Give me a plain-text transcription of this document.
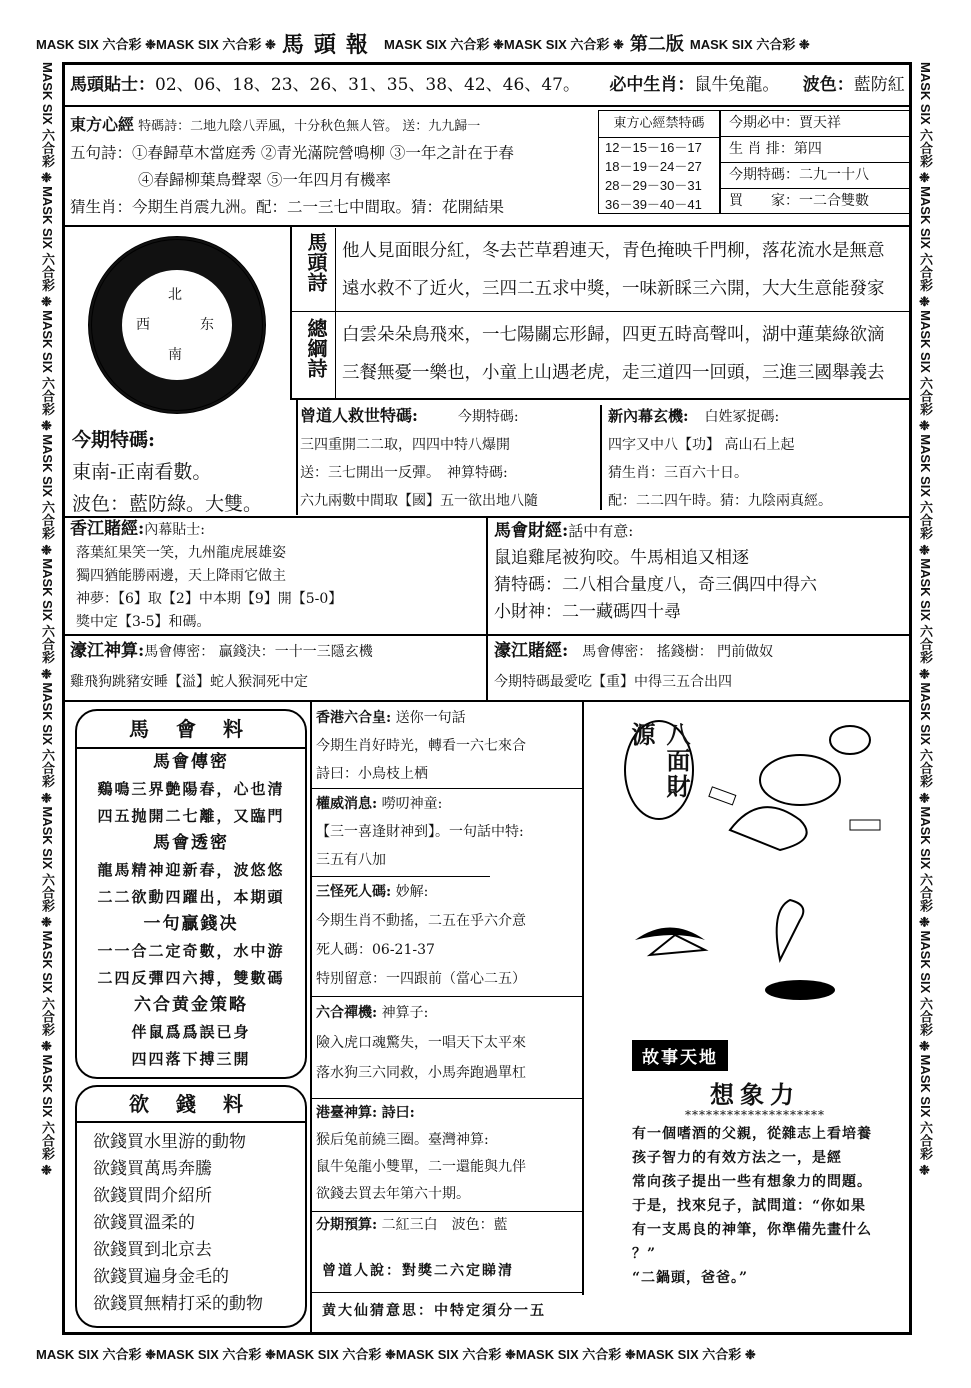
MASK SIX 六合彩 ❉MASK SIX 六合彩 ❉ 馬頭報 MASK SIX 六合彩 ❉MASK SIX 六合彩 ❉ 第二版 MASK SIX 六合彩 ❉
MASK SIX 六合彩 ❉MASK SIX 六合彩 ❉MASK SIX 六合彩 ❉MASK SIX 六合彩 ❉MASK SIX 六合彩 ❉MASK SIX 六合彩 ❉
MASK SIX 六合彩 ❉MASK SIX 六合彩 ❉MASK SIX 六合彩 ❉MASK SIX 六合彩 ❉MASK SIX 六合彩 ❉MASK SIX 六合彩 ❉MASK SIX 六合彩 ❉MASK SIX 六合彩 ❉MASK SIX 六合彩 ❉	MASK SIX 六合彩 ❉MASK SIX 六合彩 ❉MASK SIX 六合彩 ❉MASK SIX 六合彩 ❉MASK SIX 六合彩 ❉MASK SIX 六合彩 ❉MASK SIX 六合彩 ❉MASK SIX 六合彩 ❉MASK SIX 六合彩 ❉
馬頭貼士：02、06、18、23、26、31、35、38、42、46、47。 必中生肖：鼠牛兔龍。 波色：藍防紅
東方心經 特碼詩：二地九陰八弄風，十分秋色無人管。 送：九九歸一
五句詩：①春歸草木當庭秀 ②青光滿院營鳴柳 ③一年之計在于春
④春歸柳葉鳥聲翠 ⑤一年四月有機率
猜生肖：今期生肖震九洲。配：二一三七中間取。猜：花開結果
東方心經禁特碼
12－15－16－17
18－19－24－27
28－29－30－31
36－39－40－41
今期必中：賈天祥
生 肖 排：第四
今期特碼：二九一十八
買　　家：一二合雙數
北
西	东
南
馬頭詩 他人見面眼分紅，冬去芒草碧連天，青色掩映千門柳，落花流水是無意
遠水救不了近火，三四二五求中獎，一味新睬三六開，大大生意能發家
總綱詩 白雲朵朵鳥飛來，一七陽關忘形歸，四更五時高聲叫，湖中蓮葉綠欲滴
三餐無憂一樂也，小童上山遇老虎，走三道四一回頭，三進三國舉義去
今期特碼:
東南-正南看數。
波色：藍防綠。大雙。
曾道人救世特碼:	今期特碼:
三四重開二二取，四四中特八爆開
送：三七開出一反彈。　神算特碼:
六九兩數中間取【國】五一欲出地八隨
新內幕玄機: 白姓冢捉碼:
四字又中八【功】 高山石上起
猜生肖：三百六十日。
配：二二四午時。猜：九陰兩真經。
香江賭經:內幕貼士:
落葉紅果笑一笑，九州龍虎展雄姿
獨四猶能勝兩邊，天上降雨它做主
神夢：【6】取【2】中本期【9】開【5-0】
獎中定【3-5】和碼。
馬會財經:話中有意:
鼠追雞尾被狗咬。牛馬相追又相逐
猜特碼：二八相合量度八，奇三偶四中得六
小財神：二一藏碼四十尋
濠江神算:馬會傳密： 贏錢決：一十一三隱玄機
雞飛狗跳豬安睡【溢】蛇人猴洞死中定
濠江賭經: 馬會傳密： 搖錢樹： 門前做奴
今期特碼最愛吃【重】中得三五合出四
馬 會 料
馬會傳密
鷄鳴三界艶陽春，心也清
四五抛開二七離，又臨門
馬會透密
龍馬精神迎新春，波悠悠
二二欲動四躍出，本期頭
一句贏錢决
一一合二定奇數，水中游
二四反彈四六搏，雙數碼
六合黄金策略
伴鼠爲爲誤已身
四四落下搏三開
欲 錢 料
欲錢買水里游的動物
欲錢買萬馬奔騰
欲錢買問介紹所
欲錢買溫柔的
欲錢買到北京去
欲錢買遍身金毛的
欲錢買無精打采的動物
香港六合皇: 送你一句話
今期生肖好時光，轉看一六七來合
詩曰：小鳥枝上栖
權威消息: 嘮叨神童:
【三一喜逢財神到】。一句話中特:
三五有八加
三怪死人碼: 妙解:
今期生肖不動搖，二五在乎六介意
死人碼：06-21-37
特別留意：一四跟前（當心二五）
六合禪機: 神算子:
險入虎口魂驚失，一唱天下太平來
落水狗三六同救，小馬奔跑過單杠
港臺神算: 詩曰:
猴后兔前繞三圈。臺灣神算:
鼠牛兔龍小雙單，二一還能與九伴
欲錢去買去年第六十期。
分期預算: 二紅三白　波色：藍
曾道人說：對獎二六定睇清
黄大仙猜意思：中特定須分一五
八面財源
故事天地
想象力
********************
有一個嗜酒的父親，從雜志上看培養
孩子智力的有效方法之一，是經
常向孩子提出一些有想象力的問題。
于是，找來兒子，試問道：“你如果
有一支馬良的神筆，你準備先畫什么
？”
“二鍋頭，爸爸。”
